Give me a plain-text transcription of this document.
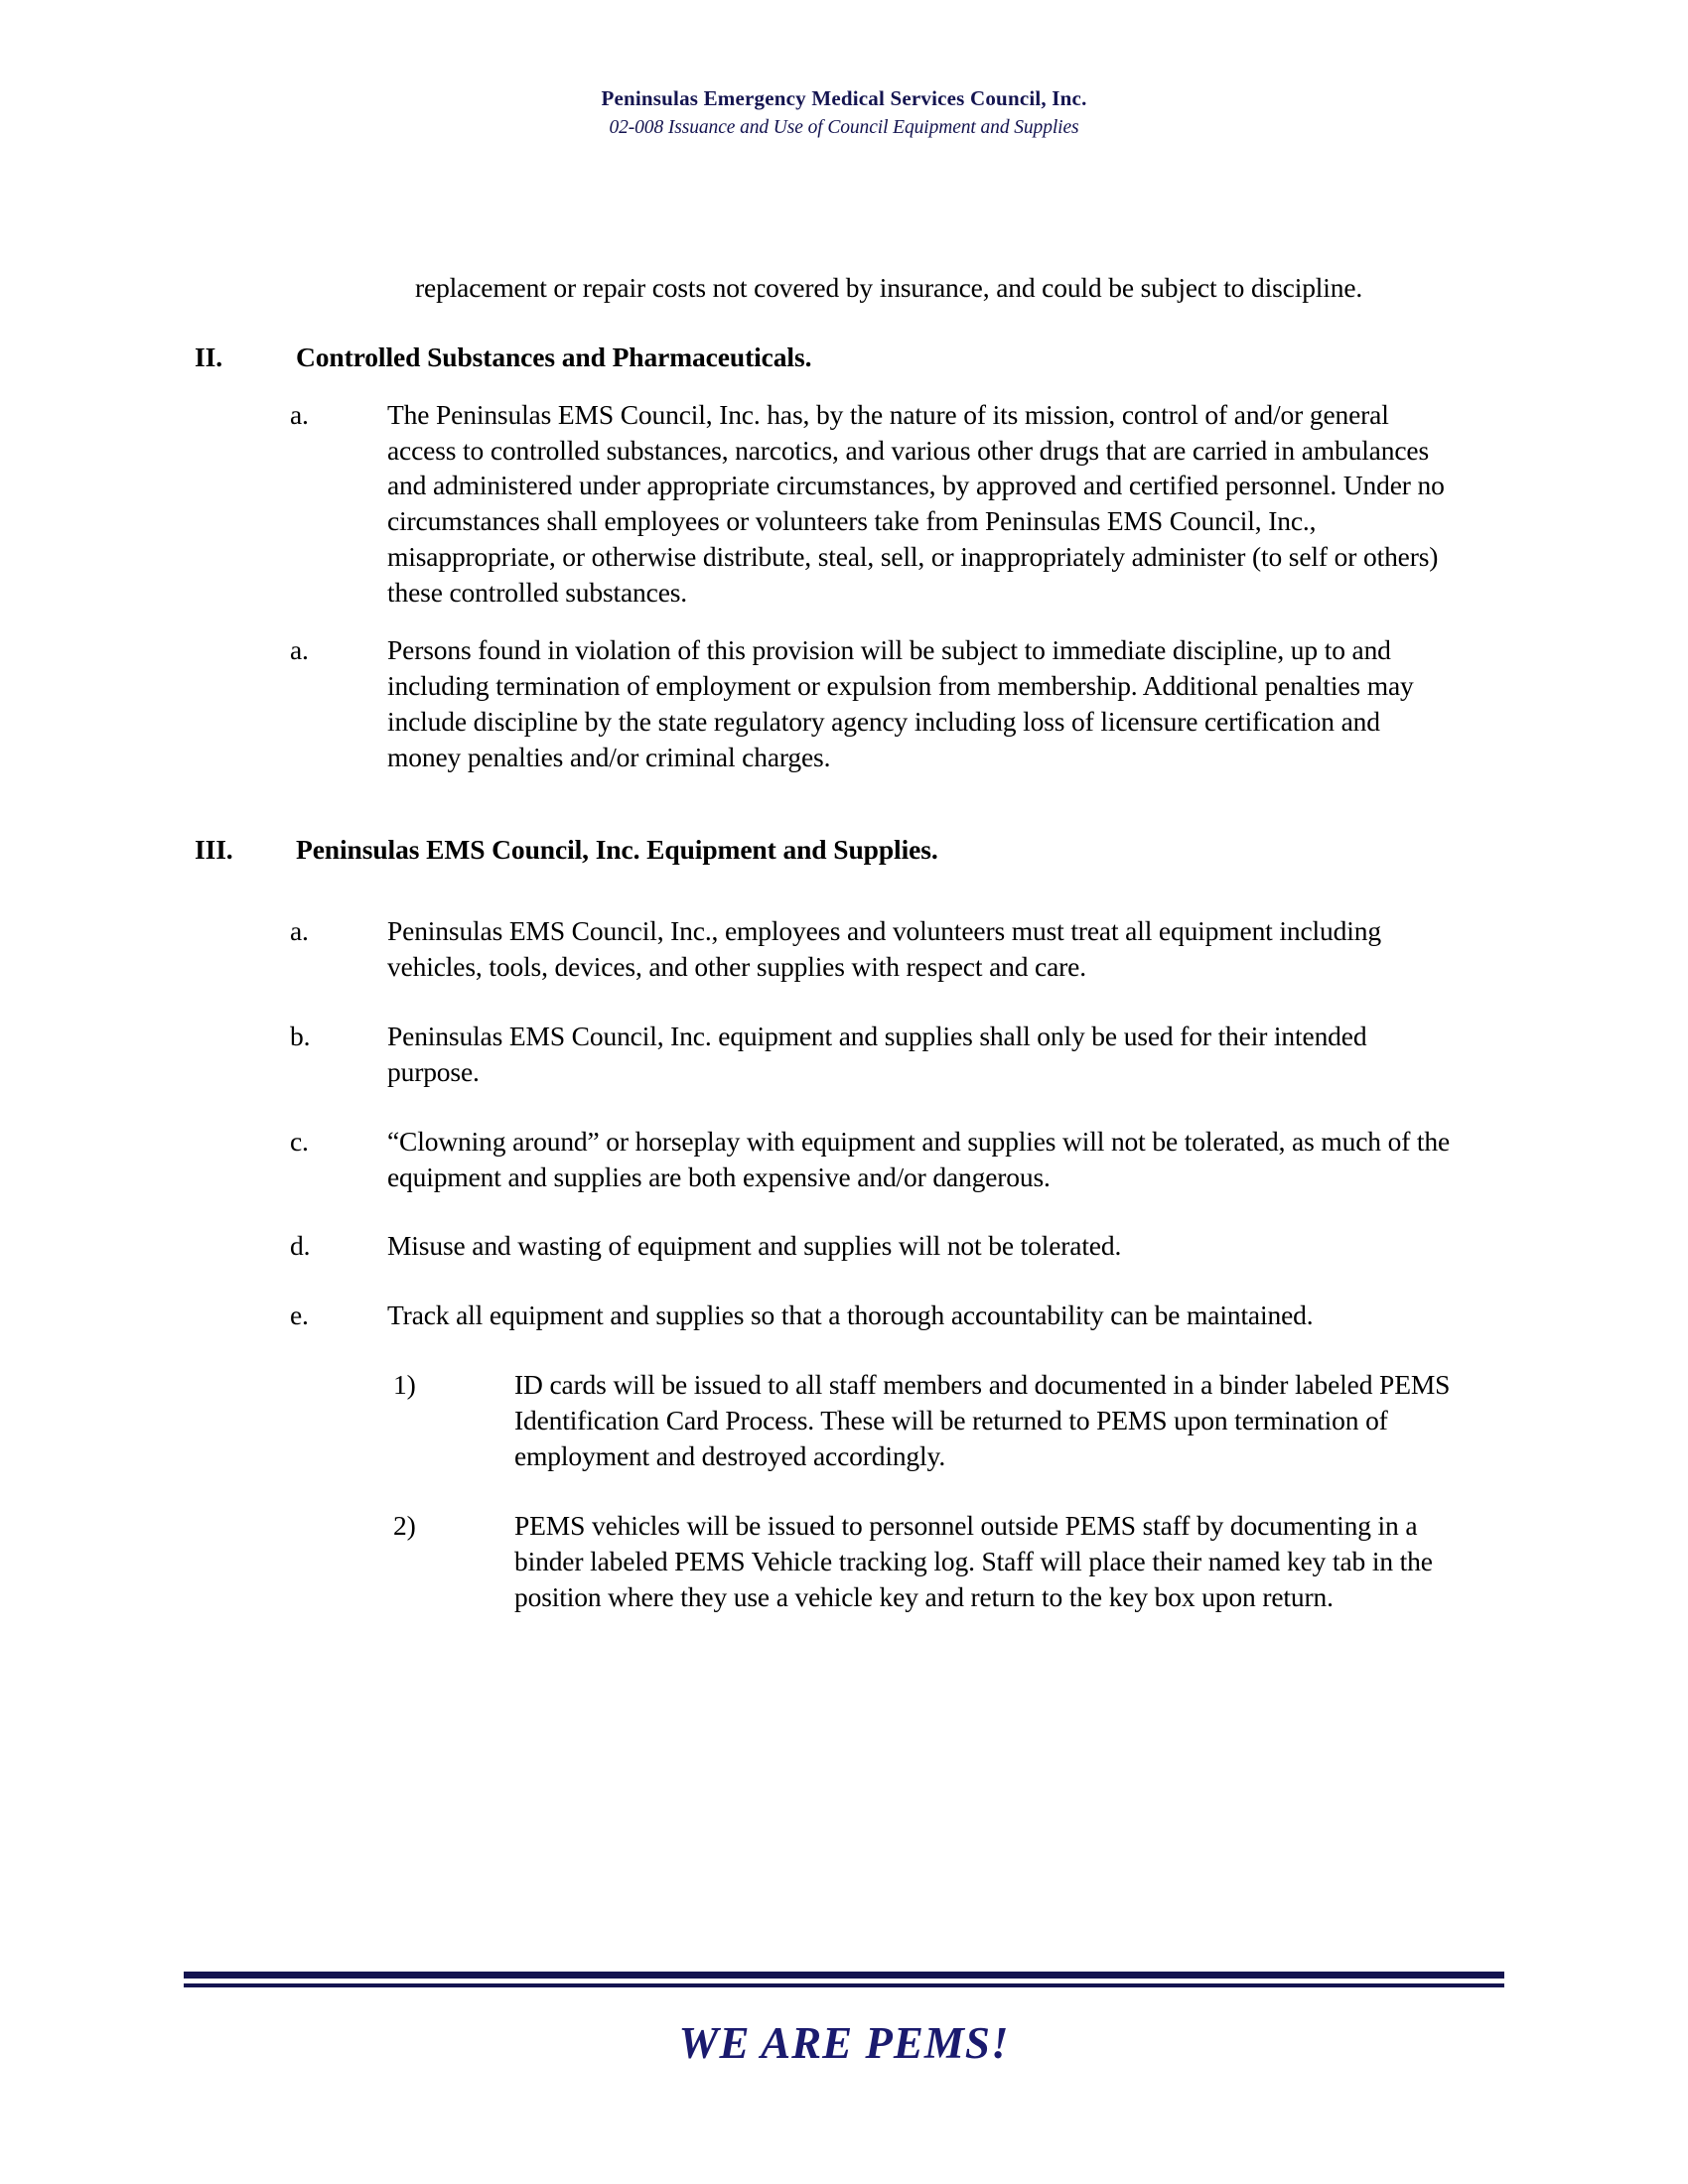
Peninsulas Emergency Medical Services Council, Inc.
02-008 Issuance and Use of Council Equipment and Supplies
replacement or repair costs not covered by insurance, and could be subject to discipline.
II.	Controlled Substances and Pharmaceuticals.
a.	The Peninsulas EMS Council, Inc. has, by the nature of its mission, control of and/or general access to controlled substances, narcotics, and various other drugs that are carried in ambulances and administered under appropriate circumstances, by approved and certified personnel. Under no circumstances shall employees or volunteers take from Peninsulas EMS Council, Inc., misappropriate, or otherwise distribute, steal, sell, or inappropriately administer (to self or others) these controlled substances.
a.	Persons found in violation of this provision will be subject to immediate discipline, up to and including termination of employment or expulsion from membership. Additional penalties may include discipline by the state regulatory agency including loss of licensure certification and money penalties and/or criminal charges.
III.	Peninsulas EMS Council, Inc. Equipment and Supplies.
a.	Peninsulas EMS Council, Inc., employees and volunteers must treat all equipment including vehicles, tools, devices, and other supplies with respect and care.
b.	Peninsulas EMS Council, Inc. equipment and supplies shall only be used for their intended purpose.
c.	“Clowning around” or horseplay with equipment and supplies will not be tolerated, as much of the equipment and supplies are both expensive and/or dangerous.
d.	Misuse and wasting of equipment and supplies will not be tolerated.
e.	Track all equipment and supplies so that a thorough accountability can be maintained.
1)	ID cards will be issued to all staff members and documented in a binder labeled PEMS Identification Card Process. These will be returned to PEMS upon termination of employment and destroyed accordingly.
2)	PEMS vehicles will be issued to personnel outside PEMS staff by documenting in a binder labeled PEMS Vehicle tracking log. Staff will place their named key tab in the position where they use a vehicle key and return to the key box upon return.
WE ARE PEMS!
